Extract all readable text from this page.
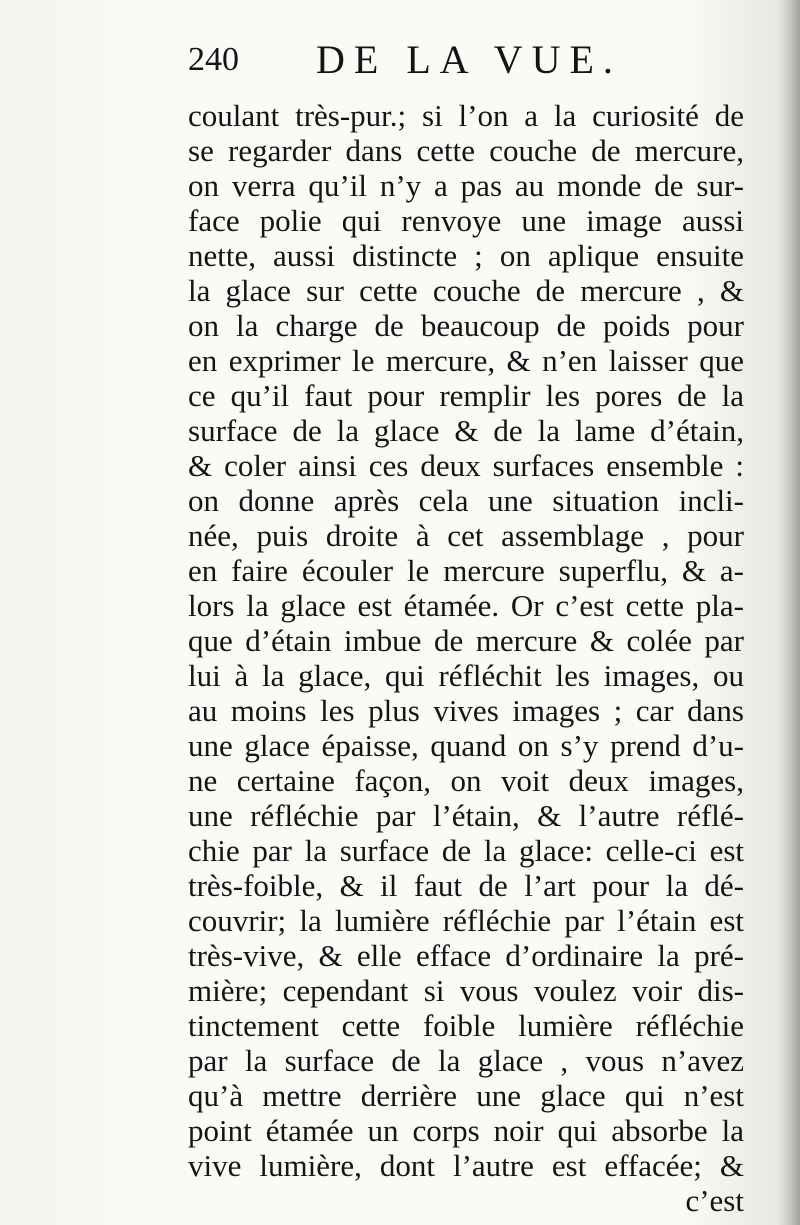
240 DE LA VUE.
coulant très-pur.; si l’on a la curiosité de
se regarder dans cette couche de mercure,
on verra qu’il n’y a pas au monde de sur-
face polie qui renvoye une image aussi
nette, aussi distincte ; on aplique ensuite
la glace sur cette couche de mercure , &
on la charge de beaucoup de poids pour
en exprimer le mercure, & n’en laisser que
ce qu’il faut pour remplir les pores de la
surface de la glace & de la lame d’étain,
& coler ainsi ces deux surfaces ensemble :
on donne après cela une situation incli-
née, puis droite à cet assemblage , pour
en faire écouler le mercure superflu, & a-
lors la glace est étamée. Or c’est cette pla-
que d’étain imbue de mercure & colée par
lui à la glace, qui réfléchit les images, ou
au moins les plus vives images ; car dans
une glace épaisse, quand on s’y prend d’u-
ne certaine façon, on voit deux images,
une réfléchie par l’étain, & l’autre réflé-
chie par la surface de la glace: celle-ci est
très-foible, & il faut de l’art pour la dé-
couvrir; la lumière réfléchie par l’étain est
très-vive, & elle efface d’ordinaire la pré-
mière; cependant si vous voulez voir dis-
tinctement cette foible lumière réfléchie
par la surface de la glace , vous n’avez
qu’à mettre derrière une glace qui n’est
point étamée un corps noir qui absorbe la
vive lumière, dont l’autre est effacée; &
c’est
